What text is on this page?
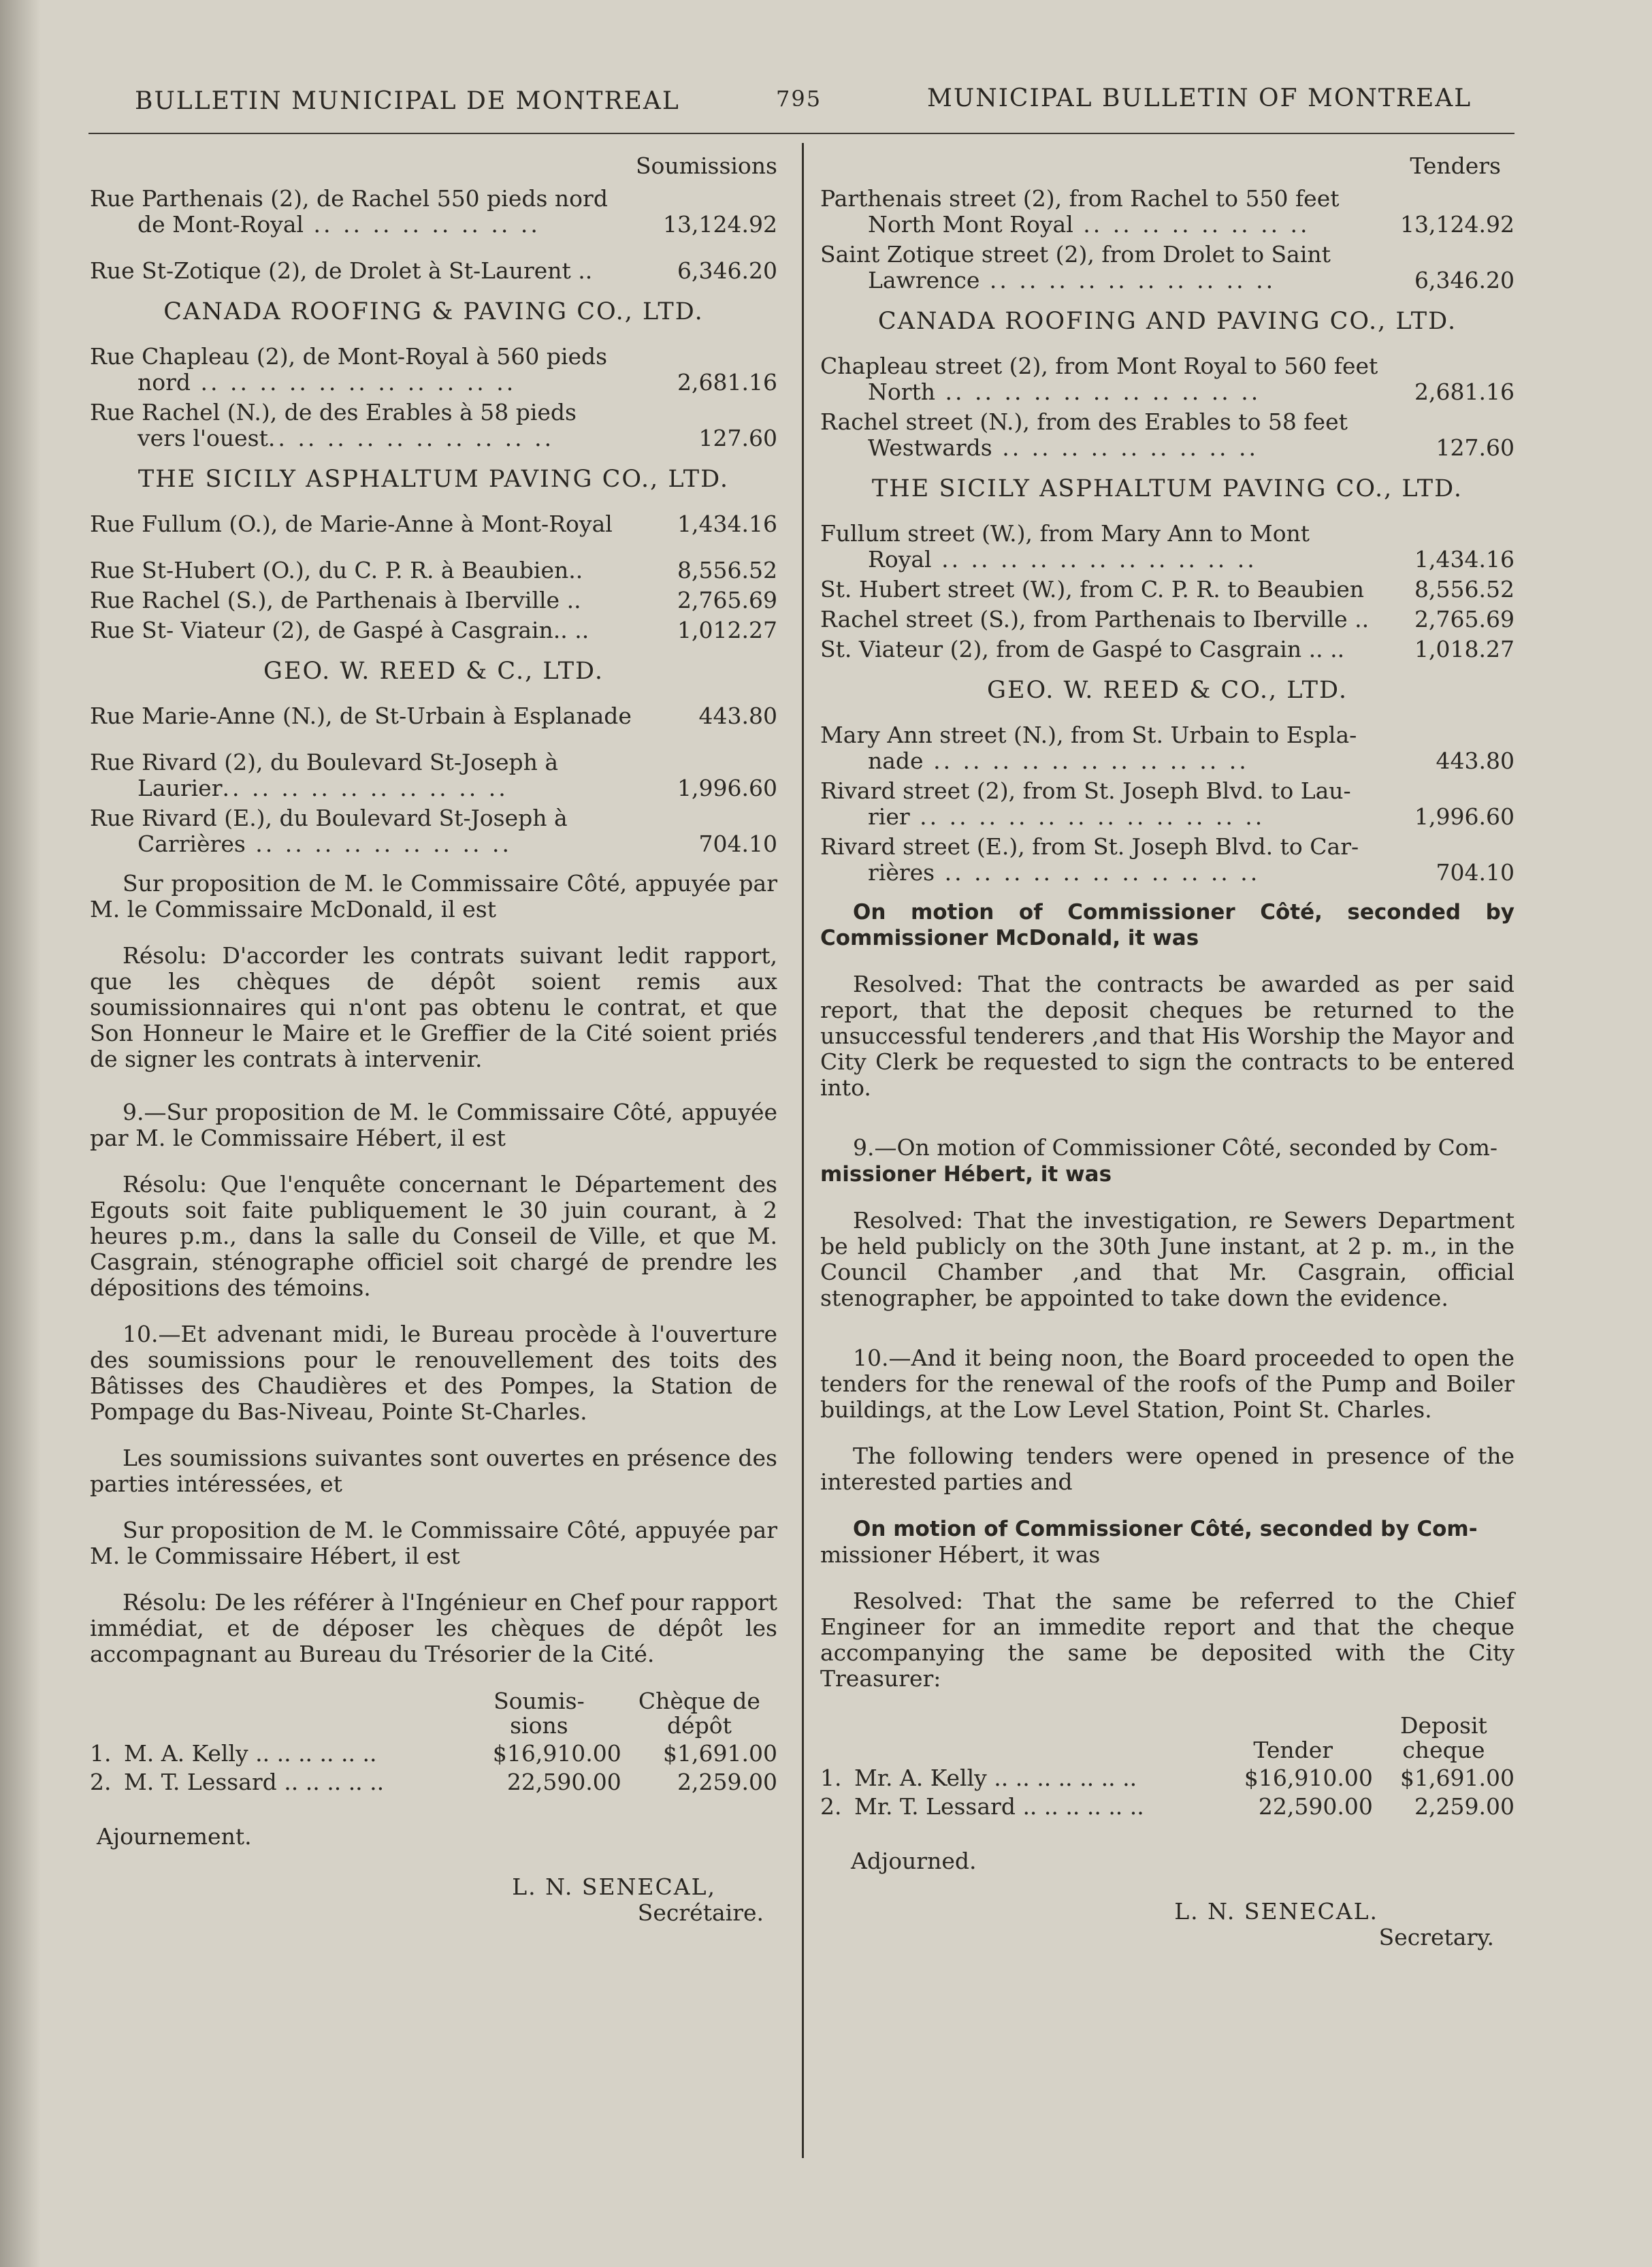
BULLETIN MUNICIPAL DE MONTREAL	795	MUNICIPAL BULLETIN OF MONTREAL
Soumissions
Rue Parthenais (2), de Rachel 550 pieds nord
de Mont-Royal .. .. .. .. .. .. .. ..	13,124.92
Rue St-Zotique (2), de Drolet à St-Laurent ..	6,346.20
CANADA ROOFING & PAVING CO., LTD.
Rue Chapleau (2), de Mont-Royal à 560 pieds
nord .. .. .. .. .. .. .. .. .. .. ..	2,681.16
Rue Rachel (N.), de des Erables à 58 pieds
vers l'ouest.. .. .. .. .. .. .. .. .. ..	127.60
THE SICILY ASPHALTUM PAVING CO., LTD.
Rue Fullum (O.), de Marie-Anne à Mont-Royal	1,434.16
Rue St-Hubert (O.), du C. P. R. à Beaubien..	8,556.52
Rue Rachel (S.), de Parthenais à Iberville ..	2,765.69
Rue St- Viateur (2), de Gaspé à Casgrain.. ..	1,012.27
GEO. W. REED & C., LTD.
Rue Marie-Anne (N.), de St-Urbain à Esplanade	443.80
Rue Rivard (2), du Boulevard St-Joseph à
Laurier.. .. .. .. .. .. .. .. .. ..	1,996.60
Rue Rivard (E.), du Boulevard St-Joseph à
Carrières .. .. .. .. .. .. .. .. ..	704.10
Sur proposition de M. le Commissaire Côté, appuyée par M. le Commissaire McDonald, il est
Résolu: D'accorder les contrats suivant ledit rapport, que les chèques de dépôt soient remis aux soumissionnaires qui n'ont pas obtenu le contrat, et que Son Honneur le Maire et le Greffier de la Cité soient priés de signer les contrats à intervenir.
9.—Sur proposition de M. le Commissaire Côté, appuyée par M. le Commissaire Hébert, il est
Résolu: Que l'enquête concernant le Département des Egouts soit faite publiquement le 30 juin courant, à 2 heures p.m., dans la salle du Conseil de Ville, et que M. Casgrain, sténographe officiel soit chargé de prendre les dépositions des témoins.
10.—Et advenant midi, le Bureau procède à l'ouverture des soumissions pour le renouvellement des toits des Bâtisses des Chaudières et des Pompes, la Station de Pompage du Bas-Niveau, Pointe St-Charles.
Les soumissions suivantes sont ouvertes en présence des parties intéressées, et
Sur proposition de M. le Commissaire Côté, appuyée par M. le Commissaire Hébert, il est
Résolu: De les référer à l'Ingénieur en Chef pour rapport immédiat, et de déposer les chèques de dépôt les accompagnant au Bureau du Trésorier de la Cité.
		Soumis-
sions	Chèque de
dépôt
1.	M. A. Kelly .. .. .. .. .. ..	$16,910.00	$1,691.00
2.	M. T. Lessard .. .. .. .. ..	22,590.00	2,259.00
Ajournement.
L. N. SENECAL,
Secrétaire.
Tenders
Parthenais street (2), from Rachel to 550 feet
North Mont Royal .. .. .. .. .. .. .. ..	13,124.92
Saint Zotique street (2), from Drolet to Saint
Lawrence .. .. .. .. .. .. .. .. .. ..	6,346.20
CANADA ROOFING AND PAVING CO., LTD.
Chapleau street (2), from Mont Royal to 560 feet
North .. .. .. .. .. .. .. .. .. .. ..	2,681.16
Rachel street (N.), from des Erables to 58 feet
Westwards .. .. .. .. .. .. .. .. ..	127.60
THE SICILY ASPHALTUM PAVING CO., LTD.
Fullum street (W.), from Mary Ann to Mont
Royal .. .. .. .. .. .. .. .. .. .. ..	1,434.16
St. Hubert street (W.), from C. P. R. to Beaubien	8,556.52
Rachel street (S.), from Parthenais to Iberville ..	2,765.69
St. Viateur (2), from de Gaspé to Casgrain .. ..	1,018.27
GEO. W. REED & CO., LTD.
Mary Ann street (N.), from St. Urbain to Espla-
nade .. .. .. .. .. .. .. .. .. .. ..	443.80
Rivard street (2), from St. Joseph Blvd. to Lau-
rier .. .. .. .. .. .. .. .. .. .. .. ..	1,996.60
Rivard street (E.), from St. Joseph Blvd. to Car-
rières .. .. .. .. .. .. .. .. .. .. ..	704.10
On motion of Commissioner Côté, seconded by Commissioner McDonald, it was
Resolved: That the contracts be awarded as per said report, that the deposit cheques be returned to the unsuccessful tenderers ,and that His Worship the Mayor and City Clerk be requested to sign the contracts to be entered into.
9.—On motion of Commissioner Côté, seconded by Com-
missioner Hébert, it was
Resolved: That the investigation, re Sewers Department be held publicly on the 30th June instant, at 2 p. m., in the Council Chamber ,and that Mr. Casgrain, official stenographer, be appointed to take down the evidence.
10.—And it being noon, the Board proceeded to open the tenders for the renewal of the roofs of the Pump and Boiler buildings, at the Low Level Station, Point St. Charles.
The following tenders were opened in presence of the interested parties and
On motion of Commissioner Côté, seconded by Com-
missioner Hébert, it was
Resolved: That the same be referred to the Chief Engineer for an immedite report and that the cheque accompanying the same be deposited with the City Treasurer:
		Tender	Deposit
cheque
1.	Mr. A. Kelly .. .. .. .. .. .. ..	$16,910.00	$1,691.00
2.	Mr. T. Lessard .. .. .. .. .. ..	22,590.00	2,259.00
Adjourned.
L. N. SENECAL.
Secretary.
